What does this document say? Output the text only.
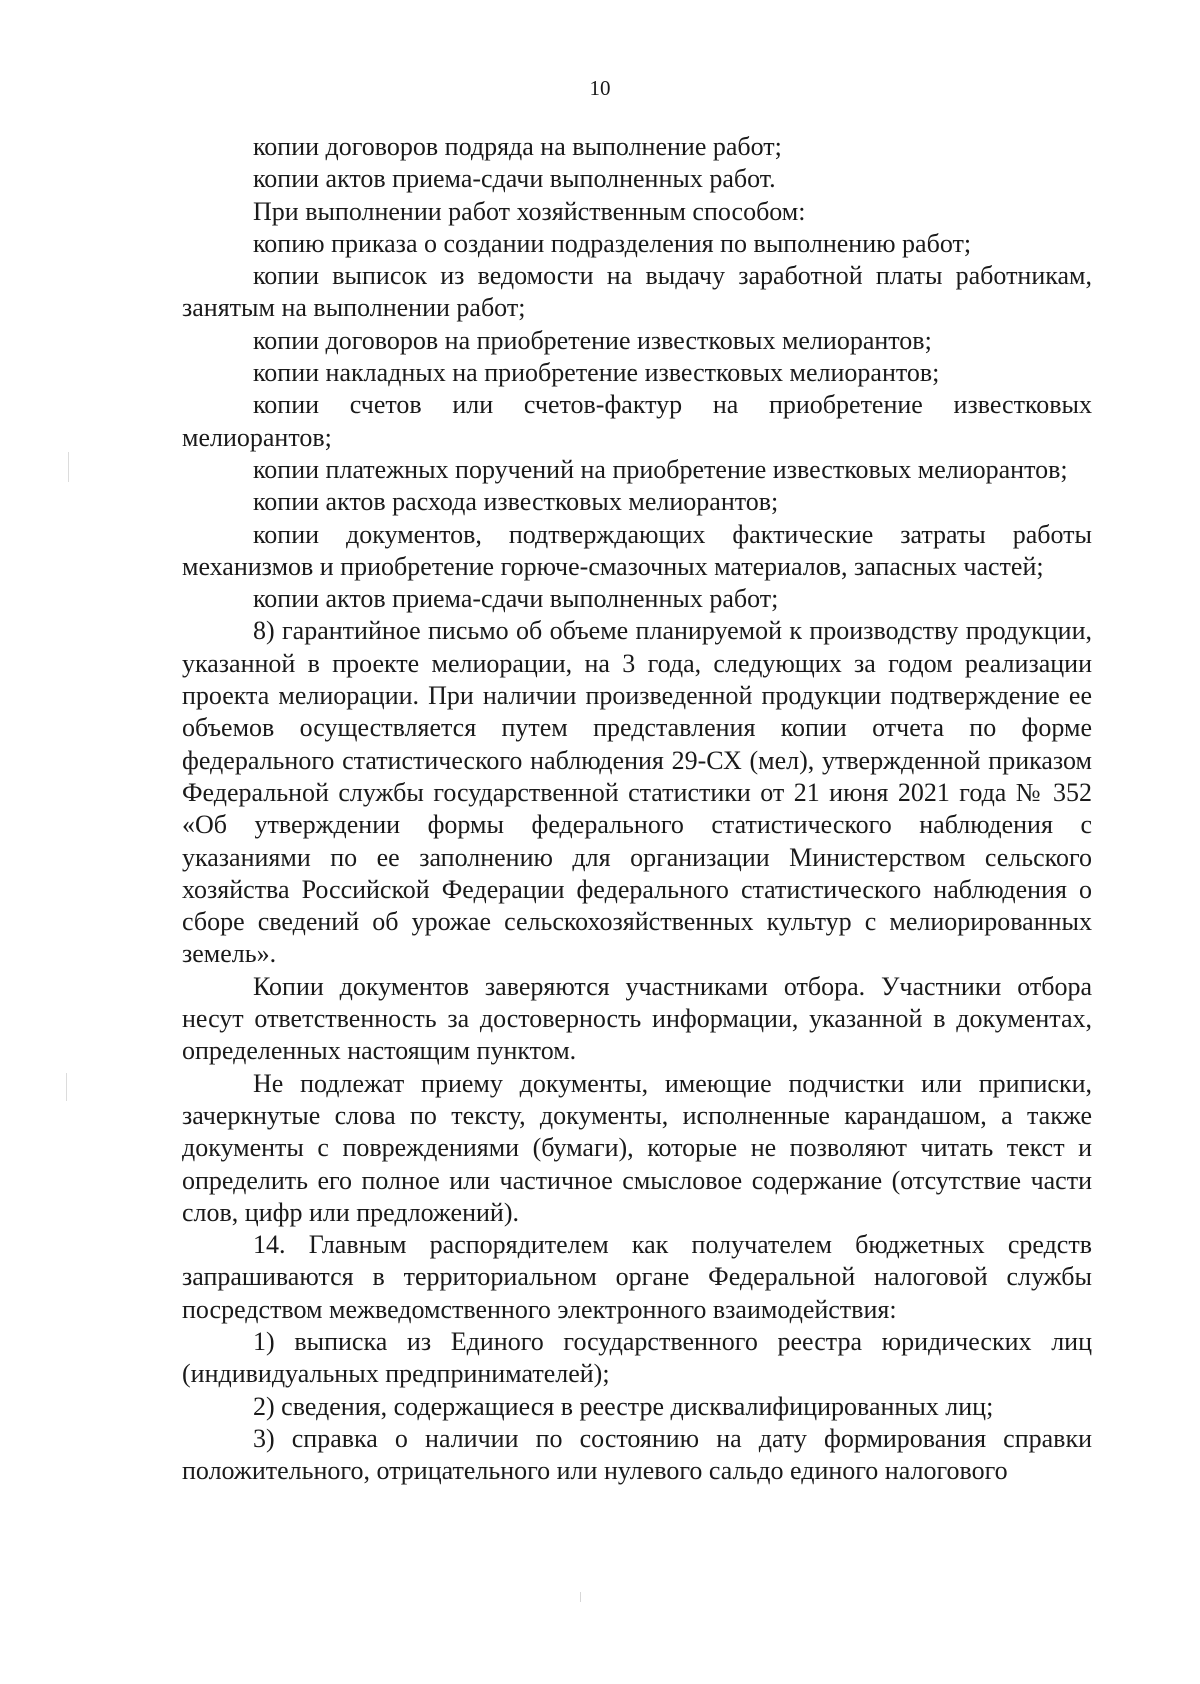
10

копии договоров подряда на выполнение работ;

копии актов приема-сдачи выполненных работ.

При выполнении работ хозяйственным способом:

копию приказа о создании подразделения по выполнению работ;

копии выписок из ведомости на выдачу заработной платы работникам, занятым на выполнении работ;

копии договоров на приобретение известковых мелиорантов;

копии накладных на приобретение известковых мелиорантов;

копии счетов или счетов-фактур на приобретение известковых мелиорантов;

копии платежных поручений на приобретение известковых мелиорантов;

копии актов расхода известковых мелиорантов;

копии документов, подтверждающих фактические затраты работы механизмов и приобретение горюче-смазочных материалов, запасных частей;

копии актов приема-сдачи выполненных работ;

8) гарантийное письмо об объеме планируемой к производству продукции, указанной в проекте мелиорации, на 3 года, следующих за годом реализации проекта мелиорации. При наличии произведенной продукции подтверждение ее объемов осуществляется путем представления копии отчета по форме федерального статистического наблюдения 29-СХ (мел), утвержденной приказом Федеральной службы государственной статистики от 21 июня 2021 года № 352 «Об утверждении формы федерального статистического наблюдения с указаниями по ее заполнению для организации Министерством сельского хозяйства Российской Федерации федерального статистического наблюдения о сборе сведений об урожае сельскохозяйственных культур с мелиорированных земель».

Копии документов заверяются участниками отбора. Участники отбора несут ответственность за достоверность информации, указанной в документах, определенных настоящим пунктом.

Не подлежат приему документы, имеющие подчистки или приписки, зачеркнутые слова по тексту, документы, исполненные карандашом, а также документы с повреждениями (бумаги), которые не позволяют читать текст и определить его полное или частичное смысловое содержание (отсутствие части слов, цифр или предложений).

14. Главным распорядителем как получателем бюджетных средств запрашиваются в территориальном органе Федеральной налоговой службы посредством межведомственного электронного взаимодействия:

1) выписка из Единого государственного реестра юридических лиц (индивидуальных предпринимателей);

2) сведения, содержащиеся в реестре дисквалифицированных лиц;

3) справка о наличии по состоянию на дату формирования справки положительного, отрицательного или нулевого сальдо единого налогового
